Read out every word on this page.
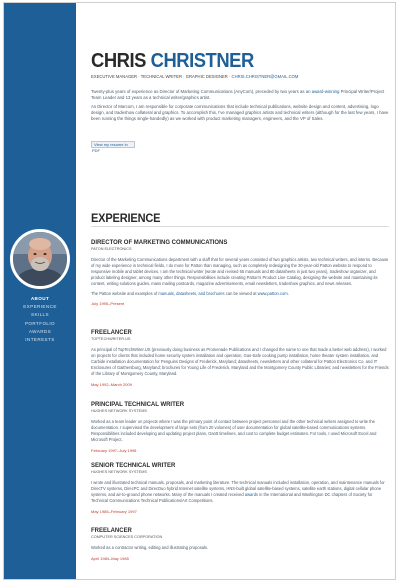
ABOUT
EXPERIENCE
SKILLS
PORTFOLIO
AWARDS
INTERESTS
CHRIS CHRISTNER
EXECUTIVE MANAGER · TECHNICAL WRITER · GRAPHIC DESIGNER · CHRIS.CHRISTNER@GMAIL.COM

Twenty-plus years of experience as Director of Marketing Communications (AnyCom), preceded by two years as an award-winning Principal Writer/Project Team Leader and 13 years as a technical writer/graphics artist.

As Director of Marcom, I am responsible for corporate communications that include technical publications, website design and content, advertising, logo design, and tradeshow collateral and graphics. To accomplish this, I've managed graphics artists and technical writers (although for the last few years, I have been running the things single-handedly) as we worked with product marketing managers, engineers, and the VP of Sales.

View my resume in
PDF
EXPERIENCE
DIRECTOR OF MARKETING COMMUNICATIONS
PATON ELECTRONICS
Director of the Marketing Communications department with a staff that for several years consisted of two graphics artists, two technical writers, and interns. Because of my wide experience in technical fields, I do more for Patton than managing, such as completely redesigning the 30-year-old Patton website to respond to responsive mobile and tablet devices. I am the technical writer (wrote and revised 65 manuals and 80 datasheets in just two years), tradeshow organizer, and product labeling designer, among many other things. Responsibilities include creating Patton's Product Line Catalog, designing the website and maintaining its content, writing solutions guides, mass mailing postcards, magazine advertisements, email newsletters, tradeshow graphics, and news releases.
The Patton website and examples of manuals, datasheets, and brochures can be viewed at www.patton.com.
July 1995–Present
FREELANCER
TOPTECHWRITER.US
As principal of TopTechWriter.US (previously doing business as Promenade Publications and I changed the name to one that made a better web address), I worked on projects for clients that included home security system installation and operation, Gas-Safe cooking pump installation, home theater system installation, and Carbide installation documentation for Penguins Designs of Frederick, Maryland; datasheets, newsletters and other collateral for Patton Electronics Co. and IT Enclosures of Gaithersburg, Maryland; brochures for Young Life of Frederick, Maryland and the Montgomery County Public Libraries; and newsletters for the Friends of the Library of Montgomery County, Maryland.
May 1992–March 2009
PRINCIPAL TECHNICAL WRITER
HUGHES NETWORK SYSTEMS
Worked as a team leader on projects where I was the primary point of contact between project personnel and the other technical writers assigned to write the documentation. I supervised the development of large sets (from 20 volumes) of user documentation for global satellite-based communications systems. Responsibilities included developing and updating project plans, Gantt timelines, and cost to complete budget estimates. For tools, I used Microsoft Excel and Microsoft Project.
February 1997–July 1998
SENIOR TECHNICAL WRITER
HUGHES NETWORK SYSTEMS
I wrote and illustrated technical manuals, proposals, and marketing literature. The technical manuals included installation, operation, and maintenance manuals for DirecTV systems, DirecPC and DirecDuo hybrid Internet satellite systems, HNS-built global satellite-based systems, satellite earth stations, digital cellular phone systems, and air-to-ground phone networks. Many of the manuals I created received awards in the International and Washington DC chapters of Society for Technical Communications Technical Publications/Art Competitions.
May 1985–February 1997
FREELANCER
COMPUTER SCIENCES CORPORATION
Worked as a contractor writing, editing and illustrating proposals.
April 1984–May 1985
